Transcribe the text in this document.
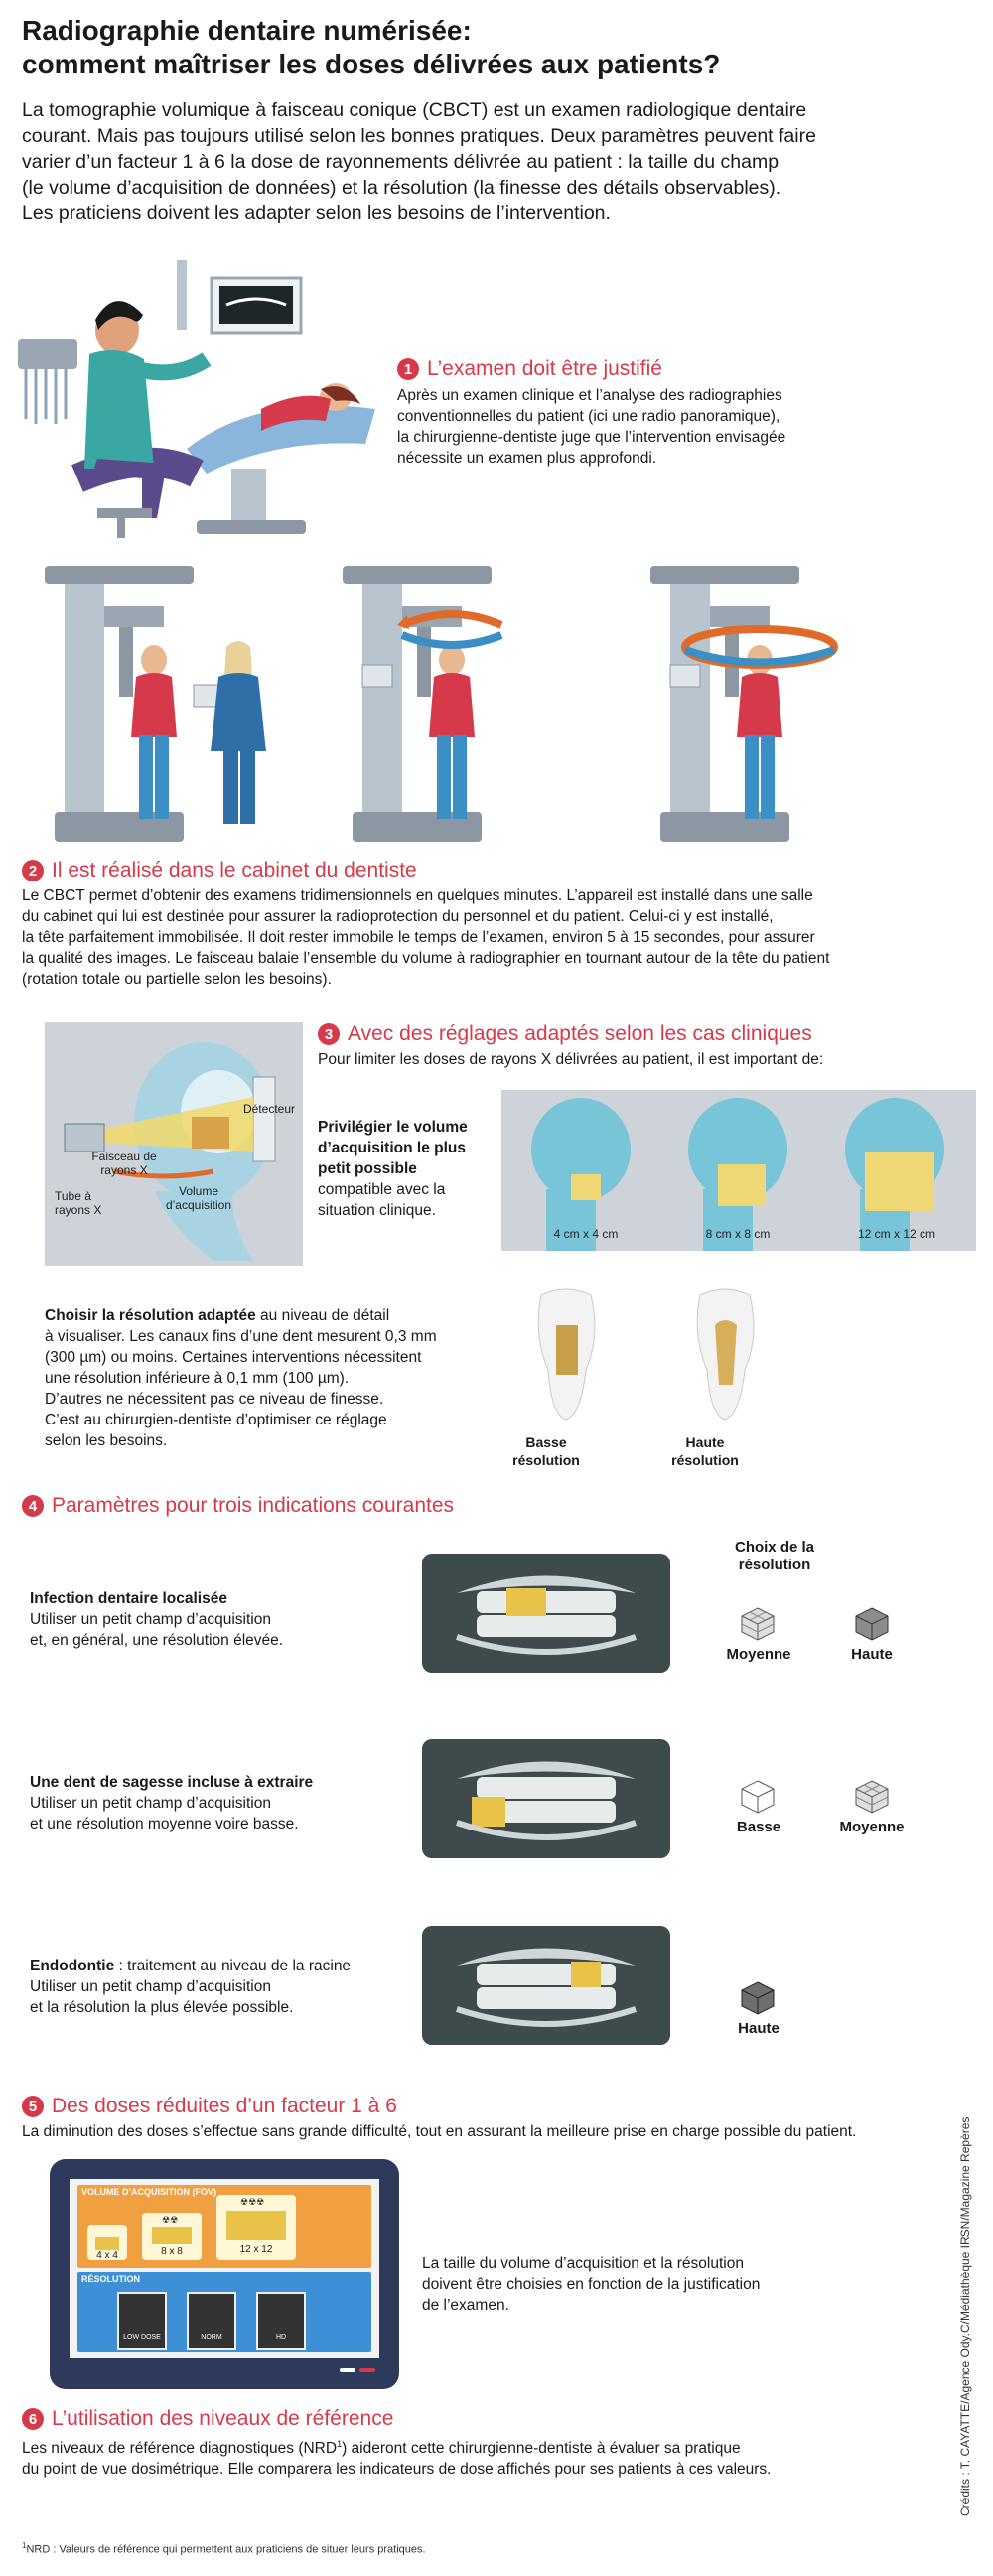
Radiographie dentaire numérisée:
comment maîtriser les doses délivrées aux patients?

La tomographie volumique à faisceau conique (CBCT) est un examen radiologique dentaire
courant. Mais pas toujours utilisé selon les bonnes pratiques. Deux paramètres peuvent faire
varier d’un facteur 1 à 6 la dose de rayonnements délivrée au patient : la taille du champ
(le volume d’acquisition de données) et la résolution (la finesse des détails observables).
Les praticiens doivent les adapter selon les besoins de l’intervention.

1 L’examen doit être justifié

Après un examen clinique et l’analyse des radiographies
conventionnelles du patient (ici une radio panoramique),
la chirurgienne-dentiste juge que l’intervention envisagée
nécessite un examen plus approfondi.

2 Il est réalisé dans le cabinet du dentiste

Le CBCT permet d’obtenir des examens tridimensionnels en quelques minutes. L’appareil est installé dans une salle
du cabinet qui lui est destinée pour assurer la radioprotection du personnel et du patient. Celui-ci y est installé,
la tête parfaitement immobilisée. Il doit rester immobile le temps de l’examen, environ 5 à 15 secondes, pour assurer
la qualité des images. Le faisceau balaie l’ensemble du volume à radiographier en tournant autour de la tête du patient
(rotation totale ou partielle selon les besoins).

3 Avec des réglages adaptés selon les cas cliniques

Pour limiter les doses de rayons X délivrées au patient, il est important de:

Détecteur
Faisceau de rayons X
Tube à rayons X
Volume d’acquisition

Privilégier le volume d’acquisition le plus petit possible
compatible avec la situation clinique.

4 cm x 4 cm	8 cm x 8 cm	12 cm x 12 cm

Choisir la résolution adaptée au niveau de détail
à visualiser. Les canaux fins d’une dent mesurent 0,3 mm
(300 µm) ou moins. Certaines interventions nécessitent
une résolution inférieure à 0,1 mm (100 µm).
D’autres ne nécessitent pas ce niveau de finesse.
C’est au chirurgien-dentiste d’optimiser ce réglage
selon les besoins.	Basse résolution
Haute résolution
4 Paramètres pour trois indications courantes
Choix de la résolution

Infection dentaire localisée
Utiliser un petit champ d’acquisition
et, en général, une résolution élevée.

Moyenne	Haute

Une dent de sagesse incluse à extraire
Utiliser un petit champ d’acquisition
et une résolution moyenne voire basse.	Basse	Moyenne

Endodontie : traitement au niveau de la racine
Utiliser un petit champ d’acquisition
et la résolution la plus élevée possible.

Haute
5 Des doses réduites d’un facteur 1 à 6

La diminution des doses s’effectue sans grande difficulté, tout en assurant la meilleure prise en charge possible du patient.

VOLUME D’ACQUISITION (FOV)
4 x 4
☢☢
8 x 8
☢☢☢
12 x 12
RÉSOLUTION
LOW DOSE	NORM	HD

La taille du volume d’acquisition et la résolution
doivent être choisies en fonction de la justification
de l’examen.

6 L’utilisation des niveaux de référence

Les niveaux de référence diagnostiques (NRD$^1$) aideront cette chirurgienne-dentiste à évaluer sa pratique
du point de vue dosimétrique. Elle comparera les indicateurs de dose affichés pour ses patients à ces valeurs.

$^1$NRD : Valeurs de référence qui permettent aux praticiens de situer leurs pratiques.
Crédits : T. CAYATTE/Agence Ody.C/Médiathèque IRSN/Magazine Repères
